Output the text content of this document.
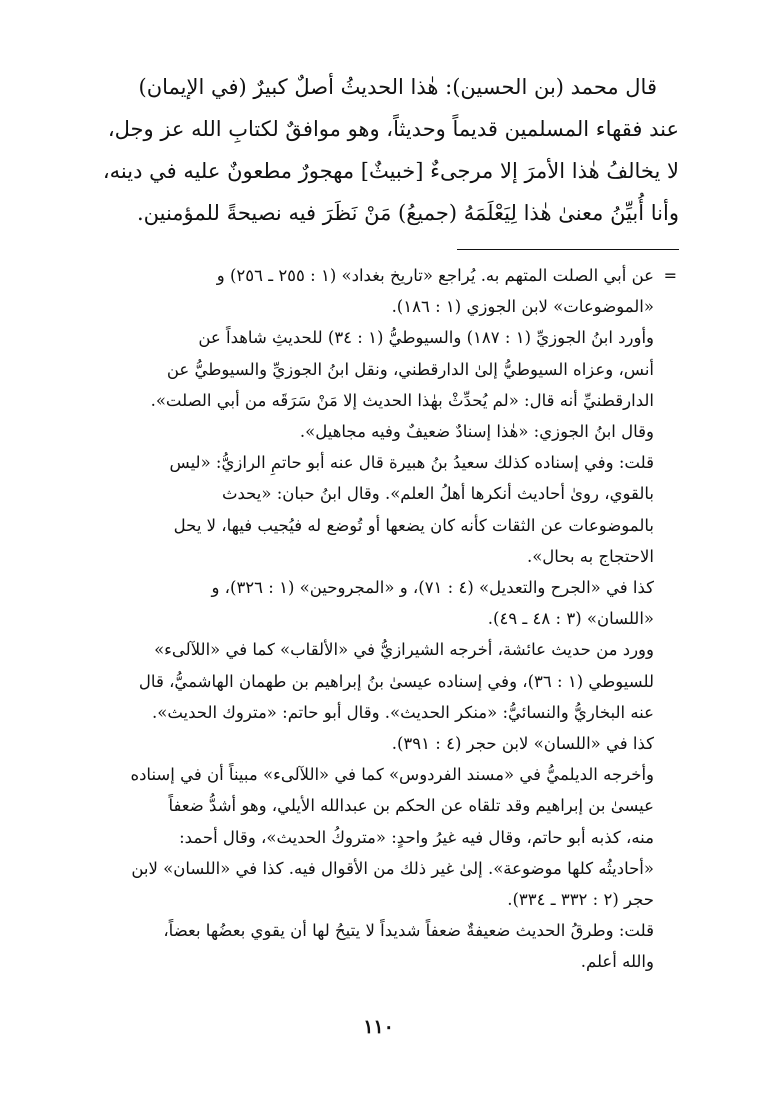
قال محمد (بن الحسين): هٰذا الحديثُ أصلٌ كبيرٌ (في الإيمان)
عند فقهاء المسلمين قديماً وحديثاً، وهو موافقٌ لكتابِ الله عز وجل،
لا يخالفُ هٰذا الأمرَ إلا مرجىءٌ [خبيثٌ] مهجورٌ مطعونٌ عليه في دينه،
وأنا أُبيِّنُ معنىٰ هٰذا لِيَعْلَمَهُ (جميعُ) مَنْ نَظَرَ فيه نصيحةً للمؤمنين.
=
عن أبي الصلت المتهم به. يُراجع «تاريخ بغداد» (١ : ٢٥٥ ـ ٢٥٦) و
«الموضوعات» لابن الجوزي (١ : ١٨٦).
وأورد ابنُ الجوزيِّ (١ : ١٨٧) والسيوطيُّ (١ : ٣٤) للحديثِ شاهداً عن
أنس، وعزاه السيوطيُّ إلىٰ الدارقطني، ونقل ابنُ الجوزيِّ والسيوطيُّ عن
الدارقطنيِّ أنه قال: «لم يُحدِّثْ بهٰذا الحديث إلا مَنْ سَرَقَه من أبي الصلت».
وقال ابنُ الجوزي: «هٰذا إسنادٌ ضعيفٌ وفيه مجاهيل».
قلت: وفي إسناده كذلك سعيدُ بنُ هبيرة قال عنه أبو حاتمِ الرازيُّ: «ليس
بالقوي، روىٰ أحاديث أنكرها أهلُ العلم». وقال ابنُ حبان: «يحدث
بالموضوعات عن الثقات كأنه كان يضعها أو تُوضع له فيُجيب فيها، لا يحل
الاحتجاج به بحال».
كذا في «الجرح والتعديل» (٤ : ٧١)، و «المجروحين» (١ : ٣٢٦)، و
«اللسان» (٣ : ٤٨ ـ ٤٩).
وورد من حديث عائشة، أخرجه الشيرازيُّ في «الألقاب» كما في «اللآلىء»
للسيوطي (١ : ٣٦)، وفي إسناده عيسىٰ بنُ إبراهيم بن طهمان الهاشميُّ، قال
عنه البخاريُّ والنسائيُّ: «منكر الحديث». وقال أبو حاتم: «متروك الحديث».
كذا في «اللسان» لابن حجر (٤ : ٣٩١).
وأخرجه الديلميُّ في «مسند الفردوس» كما في «اللآلىء» مبيناً أن في إسناده
عيسىٰ بن إبراهيم وقد تلقاه عن الحكم بن عبدالله الأيلي، وهو أشدُّ ضعفاً
منه، كذبه أبو حاتم، وقال فيه غيرُ واحدٍ: «متروكُ الحديث»، وقال أحمد:
«أحاديثُه كلها موضوعة». إلىٰ غير ذلك من الأقوال فيه. كذا في «اللسان» لابن
حجر (٢ : ٣٣٢ ـ ٣٣٤).
قلت: وطرقُ الحديث ضعيفةٌ ضعفاً شديداً لا يتيحُ لها أن يقوي بعضُها بعضاً،
والله أعلم.
١١٠
